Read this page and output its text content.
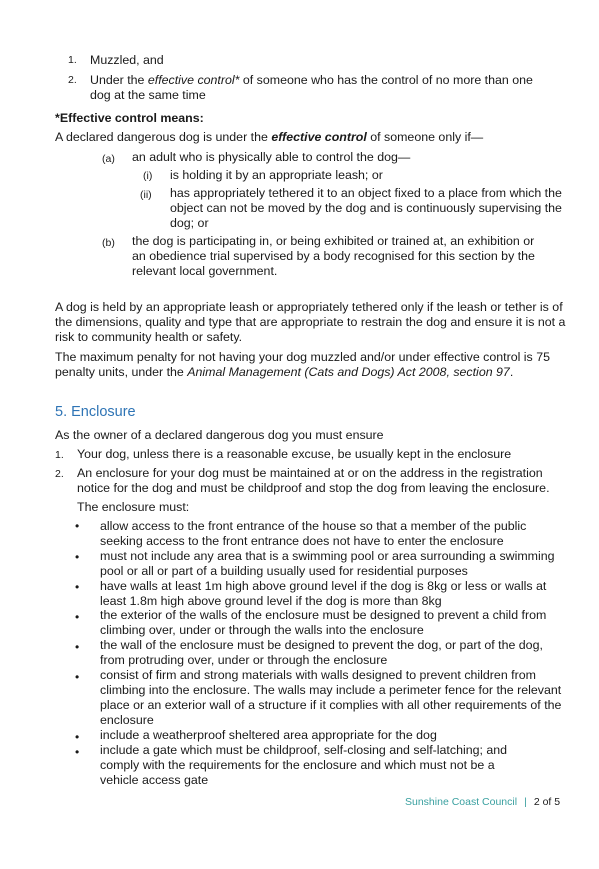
1. Muzzled, and

2. Under the effective control* of someone who has the control of no more than one

dog at the same time

*Effective control means:

A declared dangerous dog is under the effective control of someone only if—

(a) an adult who is physically able to control the dog—

(i) is holding it by an appropriate leash; or

(ii) has appropriately tethered it to an object fixed to a place from which the

object can not be moved by the dog and is continuously supervising the

dog; or

(b) the dog is participating in, or being exhibited or trained at, an exhibition or

an obedience trial supervised by a body recognised for this section by the

relevant local government.

A dog is held by an appropriate leash or appropriately tethered only if the leash or tether is of

the dimensions, quality and type that are appropriate to restrain the dog and ensure it is not a

risk to community health or safety.

The maximum penalty for not having your dog muzzled and/or under effective control is 75

penalty units, under the Animal Management (Cats and Dogs) Act 2008, section 97.

5. Enclosure

As the owner of a declared dangerous dog you must ensure

1. Your dog, unless there is a reasonable excuse, be usually kept in the enclosure

2. An enclosure for your dog must be maintained at or on the address in the registration

notice for the dog and must be childproof and stop the dog from leaving the enclosure.

The enclosure must:

• allow access to the front entrance of the house so that a member of the public

seeking access to the front entrance does not have to enter the enclosure

• must not include any area that is a swimming pool or area surrounding a swimming

pool or all or part of a building usually used for residential purposes

• have walls at least 1m high above ground level if the dog is 8kg or less or walls at

least 1.8m high above ground level if the dog is more than 8kg

• the exterior of the walls of the enclosure must be designed to prevent a child from

climbing over, under or through the walls into the enclosure

• the wall of the enclosure must be designed to prevent the dog, or part of the dog,

from protruding over, under or through the enclosure

• consist of firm and strong materials with walls designed to prevent children from

climbing into the enclosure. The walls may include a perimeter fence for the relevant

place or an exterior wall of a structure if it complies with all other requirements of the

enclosure

• include a weatherproof sheltered area appropriate for the dog

• include a gate which must be childproof, self-closing and self-latching; and

comply with the requirements for the enclosure and which must not be a

vehicle access gate

Sunshine Coast Council | 2 of 5
